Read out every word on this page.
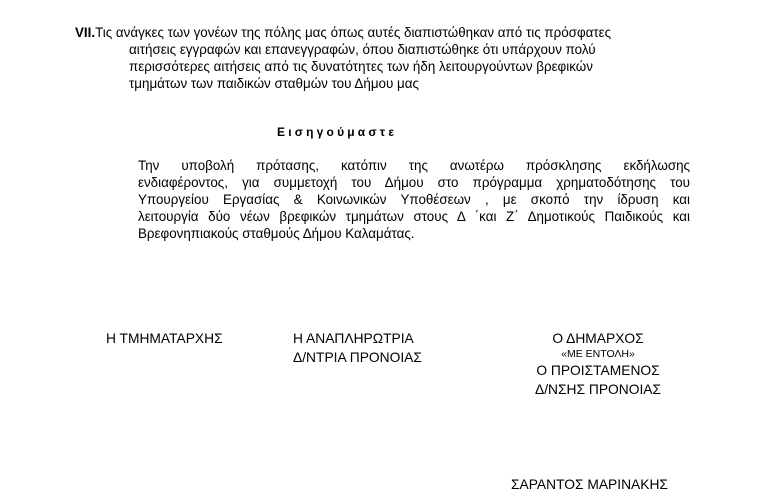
VII.Τις ανάγκες των γονέων της πόλης μας όπως αυτές διαπιστώθηκαν από τις πρόσφατες
αιτήσεις εγγραφών και επανεγγραφών, όπου διαπιστώθηκε ότι υπάρχουν πολύ
περισσότερες αιτήσεις από τις δυνατότητες των ήδη λειτουργούντων βρεφικών
τμημάτων των παιδικών σταθμών του Δήμου μας
Εισηγούμαστε
Την υποβολή πρότασης, κατόπιν της ανωτέρω πρόσκλησης εκδήλωσης
ενδιαφέροντος, για συμμετοχή του Δήμου στο πρόγραμμα χρηματοδότησης του
Υπουργείου Εργασίας & Κοινωνικών Υποθέσεων , με σκοπό την ίδρυση και
λειτουργία δύο νέων βρεφικών τμημάτων στους Δ ΄και Ζ΄ Δημοτικούς Παιδικούς και
Βρεφονηπιακούς σταθμούς Δήμου Καλαμάτας.
Η ΤΜΗΜΑΤΑΡΧΗΣ	Η ΑΝΑΠΛΗΡΩΤΡΙΑ
Δ/ΝΤΡΙΑ ΠΡΟΝΟΙΑΣ
Ο ΔΗΜΑΡΧΟΣ
«ΜΕ ΕΝΤΟΛΗ»
Ο ΠΡΟΙΣΤΑΜΕΝΟΣ
Δ/ΝΣΗΣ ΠΡΟΝΟΙΑΣ
ΣΑΡΑΝΤΟΣ ΜΑΡΙΝΑΚΗΣ
